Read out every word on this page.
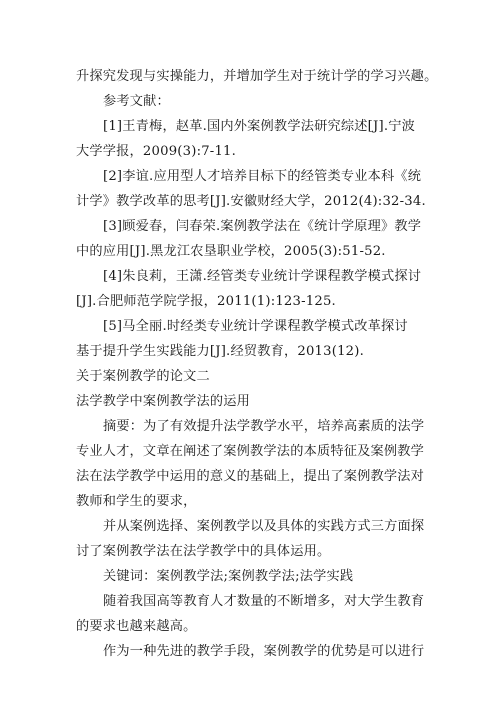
升探究发现与实操能力，并增加学生对于统计学的学习兴趣。
参考文献：
[1]王青梅，赵革.国内外案例教学法研究综述[J].宁波
大学学报，2009(3):7-11.
[2]李谊.应用型人才培养目标下的经管类专业本科《统
计学》教学改革的思考[J].安徽财经大学，2012(4):32-34.
[3]顾爱春，闫春荣.案例教学法在《统计学原理》教学
中的应用[J].黑龙江农垦职业学校，2005(3):51-52.
[4]朱良莉，王潇.经管类专业统计学课程教学模式探讨
[J].合肥师范学院学报，2011(1):123-125.
[5]马全丽.时经类专业统计学课程教学模式改革探讨
基于提升学生实践能力[J].经贸教育，2013(12).
关于案例教学的论文二
法学教学中案例教学法的运用
摘要：为了有效提升法学教学水平，培养高素质的法学
专业人才，文章在阐述了案例教学法的本质特征及案例教学
法在法学教学中运用的意义的基础上，提出了案例教学法对
教师和学生的要求，
并从案例选择、案例教学以及具体的实践方式三方面探
讨了案例教学法在法学教学中的具体运用。
关键词：案例教学法;案例教学法;法学实践
随着我国高等教育人才数量的不断增多，对大学生教育
的要求也越来越高。
作为一种先进的教学手段，案例教学的优势是可以进行
